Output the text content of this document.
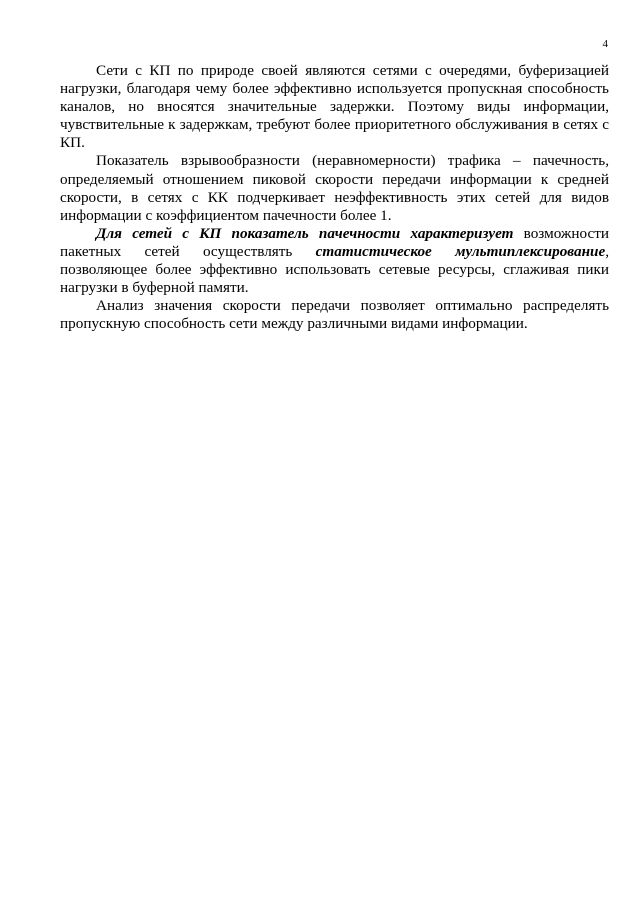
4

Сети с КП по природе своей являются сетями с очередями, буферизацией нагрузки, благодаря чему более эффективно используется пропускная способность каналов, но вносятся значительные задержки. Поэтому виды информации, чувствительные к задержкам, требуют более приоритетного обслуживания в сетях с КП.

Показатель взрывообразности (неравномерности) трафика – пачечность, определяемый отношением пиковой скорости передачи информации к средней скорости, в сетях с КК подчеркивает неэффективность этих сетей для видов информации с коэффициентом пачечности более 1.

Для сетей с КП показатель пачечности характеризует возможности пакетных сетей осуществлять статистическое мультиплексирование, позволяющее более эффективно использовать сетевые ресурсы, сглаживая пики нагрузки в буферной памяти.

Анализ значения скорости передачи позволяет оптимально распределять пропускную способность сети между различными видами информации.
